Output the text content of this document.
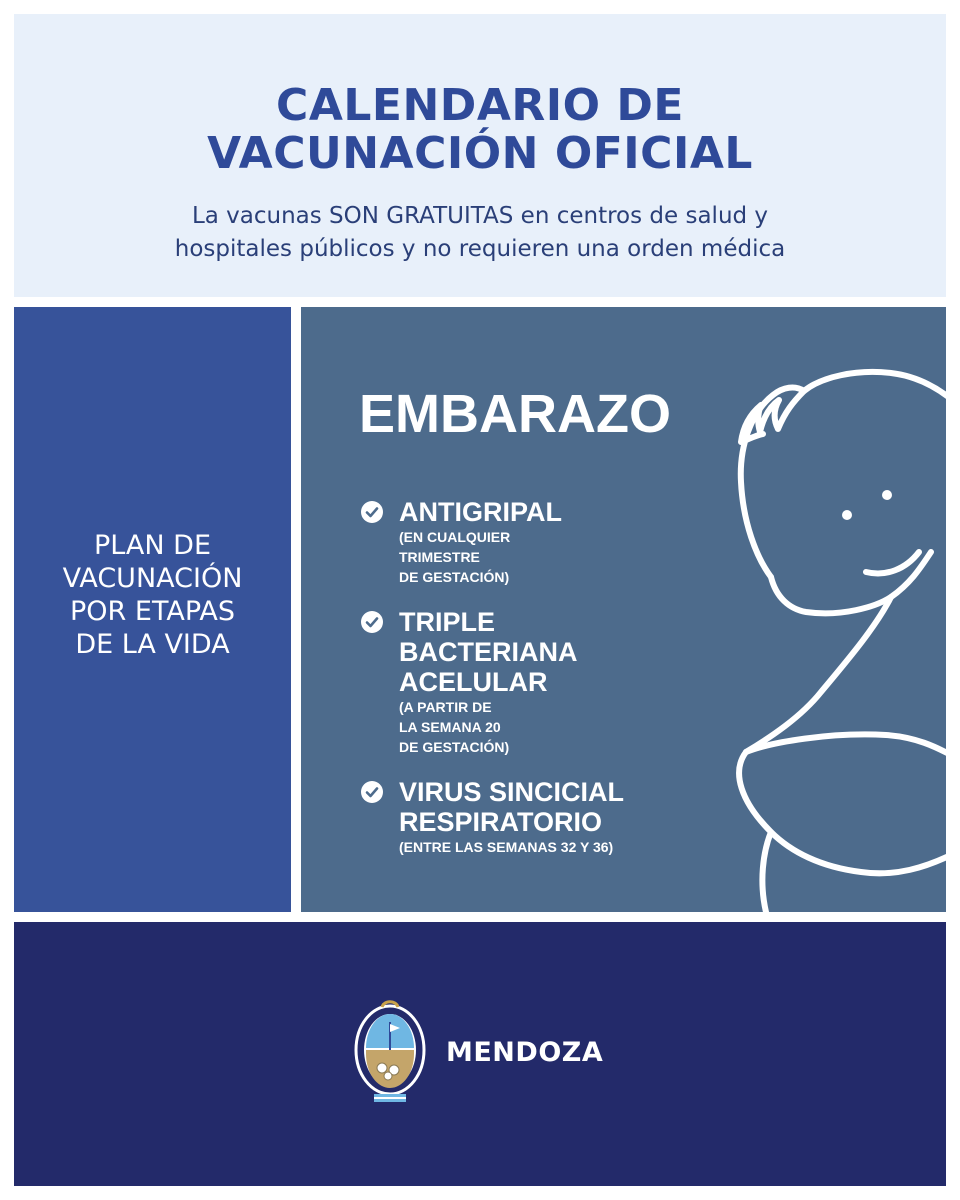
CALENDARIO DE
VACUNACIÓN OFICIAL
La vacunas SON GRATUITAS en centros de salud y
hospitales públicos y no requieren una orden médica
PLAN DE
VACUNACIÓN
POR ETAPAS
DE LA VIDA
EMBARAZO
ANTIGRIPAL
(EN CUALQUIER
TRIMESTRE
DE GESTACIÓN)
TRIPLE
BACTERIANA
ACELULAR
(A PARTIR DE
LA SEMANA 20
DE GESTACIÓN)
VIRUS SINCICIAL
RESPIRATORIO
(ENTRE LAS SEMANAS 32 Y 36)
MENDOZA
